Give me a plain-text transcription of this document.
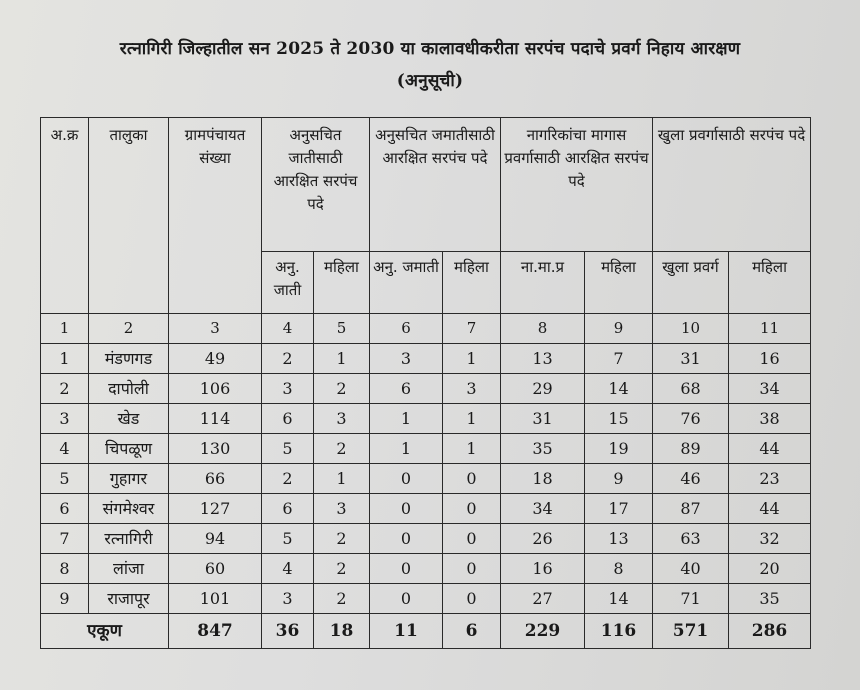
रत्नागिरी जिल्हातील सन 2025 ते 2030 या कालावधीकरीता सरपंच पदाचे प्रवर्ग निहाय आरक्षण
(अनुसूची)
अ.क्र	तालुका	ग्रामपंचायत संख्या	अनुसचित जातीसाठी आरक्षित सरपंच पदे		अनुसचित जमातीसाठी आरक्षित सरपंच पदे		नागरिकांचा मागास प्रवर्गासाठी आरक्षित सरपंच पदे		खुला प्रवर्गासाठी सरपंच पदे	
			अनु. जाती	महिला	अनु. जमाती	महिला	ना.मा.प्र	महिला	खुला प्रवर्ग	महिला
1	2	3	4	5	6	7	8	9	10	11
1	मंडणगड	49	2	1	3	1	13	7	31	16
2	दापोली	106	3	2	6	3	29	14	68	34
3	खेड	114	6	3	1	1	31	15	76	38
4	चिपळूण	130	5	2	1	1	35	19	89	44
5	गुहागर	66	2	1	0	0	18	9	46	23
6	संगमेश्वर	127	6	3	0	0	34	17	87	44
7	रत्नागिरी	94	5	2	0	0	26	13	63	32
8	लांजा	60	4	2	0	0	16	8	40	20
9	राजापूर	101	3	2	0	0	27	14	71	35
एकूण		847	36	18	11	6	229	116	571	286
